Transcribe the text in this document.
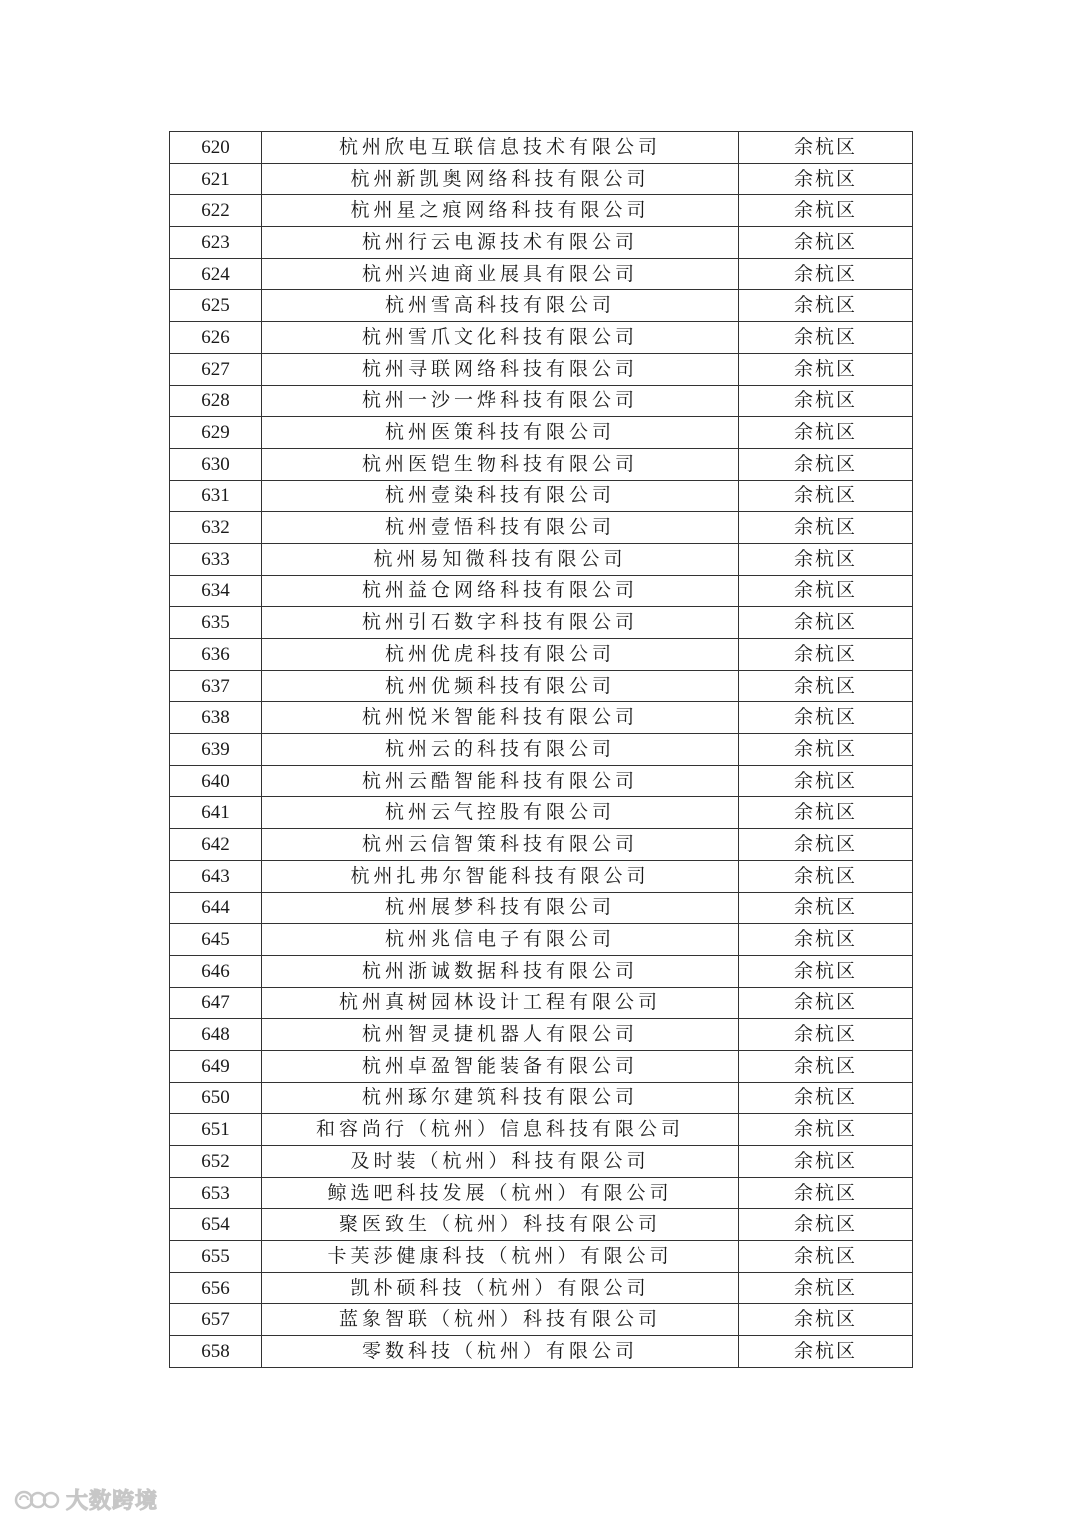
620	杭州欣电互联信息技术有限公司	余杭区
621	杭州新凯奥网络科技有限公司	余杭区
622	杭州星之痕网络科技有限公司	余杭区
623	杭州行云电源技术有限公司	余杭区
624	杭州兴迪商业展具有限公司	余杭区
625	杭州雪高科技有限公司	余杭区
626	杭州雪爪文化科技有限公司	余杭区
627	杭州寻联网络科技有限公司	余杭区
628	杭州一沙一烨科技有限公司	余杭区
629	杭州医策科技有限公司	余杭区
630	杭州医铠生物科技有限公司	余杭区
631	杭州壹染科技有限公司	余杭区
632	杭州壹悟科技有限公司	余杭区
633	杭州易知微科技有限公司	余杭区
634	杭州益仓网络科技有限公司	余杭区
635	杭州引石数字科技有限公司	余杭区
636	杭州优虎科技有限公司	余杭区
637	杭州优频科技有限公司	余杭区
638	杭州悦米智能科技有限公司	余杭区
639	杭州云的科技有限公司	余杭区
640	杭州云酷智能科技有限公司	余杭区
641	杭州云气控股有限公司	余杭区
642	杭州云信智策科技有限公司	余杭区
643	杭州扎弗尔智能科技有限公司	余杭区
644	杭州展梦科技有限公司	余杭区
645	杭州兆信电子有限公司	余杭区
646	杭州浙诚数据科技有限公司	余杭区
647	杭州真树园林设计工程有限公司	余杭区
648	杭州智灵捷机器人有限公司	余杭区
649	杭州卓盈智能装备有限公司	余杭区
650	杭州琢尔建筑科技有限公司	余杭区
651	和容尚行（杭州）信息科技有限公司	余杭区
652	及时装（杭州）科技有限公司	余杭区
653	鲸选吧科技发展（杭州）有限公司	余杭区
654	聚医致生（杭州）科技有限公司	余杭区
655	卡芙莎健康科技（杭州）有限公司	余杭区
656	凯朴硕科技（杭州）有限公司	余杭区
657	蓝象智联（杭州）科技有限公司	余杭区
658	零数科技（杭州）有限公司	余杭区
大数跨境
